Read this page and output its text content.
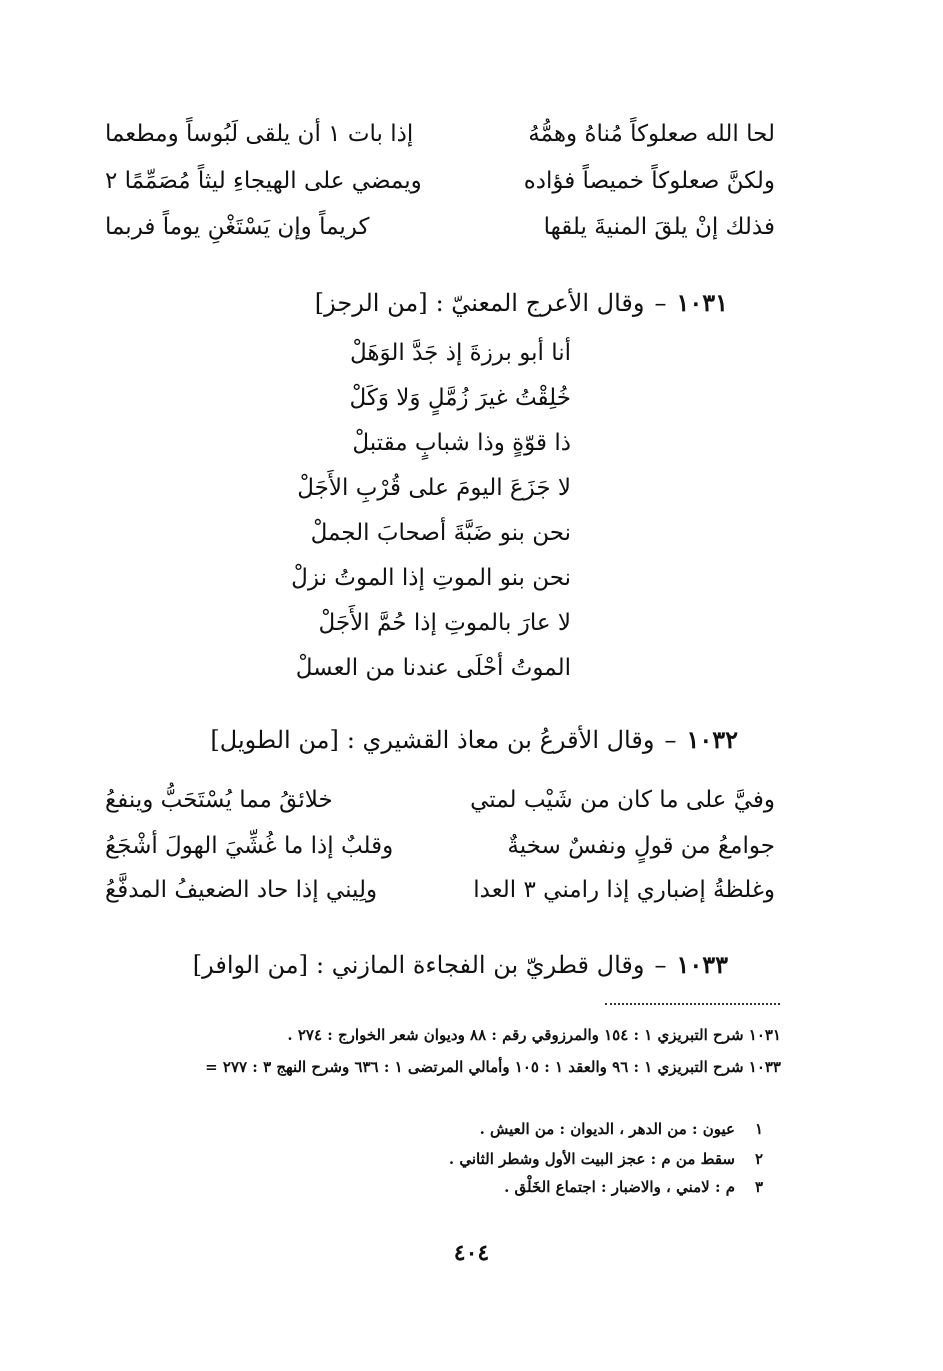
لحا الله صعلوكاً مُناهُ وهمُّهُ
إذا بات ١ أن يلقى لَبُوساً ومطعما
ولكنَّ صعلوكاً خميصاً فؤاده
ويمضي على الهيجاءِ ليثاً مُصَمِّمًا ٢
فذلك إنْ يلقَ المنيةَ يلقها
كريماً وإن يَسْتَغْنِ يوماً فربما
١٠٣١–وقال الأعرج المعنيّ :[من الرجز]
أنا أبو برزةَ إذ جَدَّ الوَهَلْ
خُلِقْتُ غيرَ زُمَّلٍ وَلا وَكَلْ
ذا قوّةٍ وذا شبابٍ مقتبلْ
لا جَزَعَ اليومَ على قُرْبِ الأَجَلْ
نحن بنو ضَبَّةَ أصحابَ الجملْ
نحن بنو الموتِ إذا الموتُ نزلْ
لا عارَ بالموتِ إذا حُمَّ الأَجَلْ
الموتُ أحْلَى عندنا من العسلْ
١٠٣٢–وقال الأقرعُ بن معاذ القشيري :[من الطويل]
وفيَّ على ما كان من شَيْب لمتي
خلائقُ مما يُسْتَحَبُّ وينفعُ
جوامعُ من قولٍ ونفسٌ سخيةٌ
وقلبٌ إذا ما غُشِّيَ الهولَ أشْجَعُ
وغلظةُ إضباري إذا رامني ٣ العدا
ولِيني إذا حاد الضعيفُ المدفَّعُ
١٠٣٣–وقال قطريّ بن الفجاءة المازني :[من الوافر]
١٠٣١ شرح التبريزي ١ : ١٥٤ والمرزوقي رقم : ٨٨ وديوان شعر الخوارج : ٢٧٤ .
١٠٣٣ شرح التبريزي ١ : ٩٦ والعقد ١ : ١٠٥ وأمالي المرتضى ١ : ٦٣٦ وشرح النهج ٣ : ٢٧٧ =
١عيون : من الدهر ، الديوان : من العيش .
٢سقط من م : عجز البيت الأول وشطر الثاني .
٣م : لامني ، والاضبار : اجتماع الخَلْق .
٤٠٤
